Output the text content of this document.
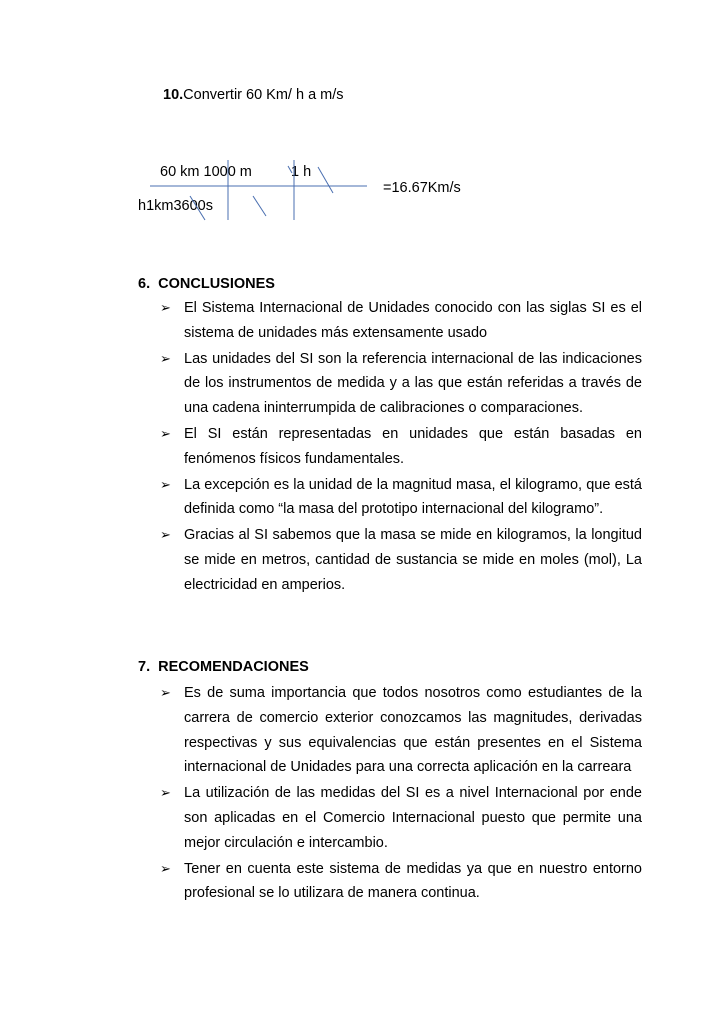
10.Convertir 60 Km/ h a m/s
60 km 1000 m	1 h
=16.67Km/s
h1km3600s
6.  CONCLUSIONES
➢ El Sistema Internacional de Unidades conocido con las siglas SI es el sistema de unidades más extensamente usado
➢ Las unidades del SI son la referencia internacional de las indicaciones de los instrumentos de medida y a las que están referidas a través de una cadena ininterrumpida de calibraciones o comparaciones.
➢ El SI están representadas en unidades que están basadas en fenómenos físicos fundamentales.
➢ La excepción es la unidad de la magnitud masa, el kilogramo, que está definida como “la masa del prototipo internacional del kilogramo”.
➢ Gracias al SI sabemos que la masa se mide en kilogramos, la longitud se mide en metros, cantidad de sustancia se mide en moles (mol), La electricidad en amperios.
7.  RECOMENDACIONES
➢ Es de suma importancia que todos nosotros como estudiantes de la carrera de comercio exterior conozcamos las magnitudes, derivadas respectivas y sus equivalencias que están presentes en el Sistema internacional de Unidades para una correcta aplicación en la carreara
➢ La utilización de las medidas del SI es a nivel Internacional por ende son aplicadas en el Comercio Internacional puesto que permite una mejor circulación e intercambio.
➢ Tener en cuenta este sistema de medidas ya que en nuestro entorno profesional se lo utilizara de manera continua.
